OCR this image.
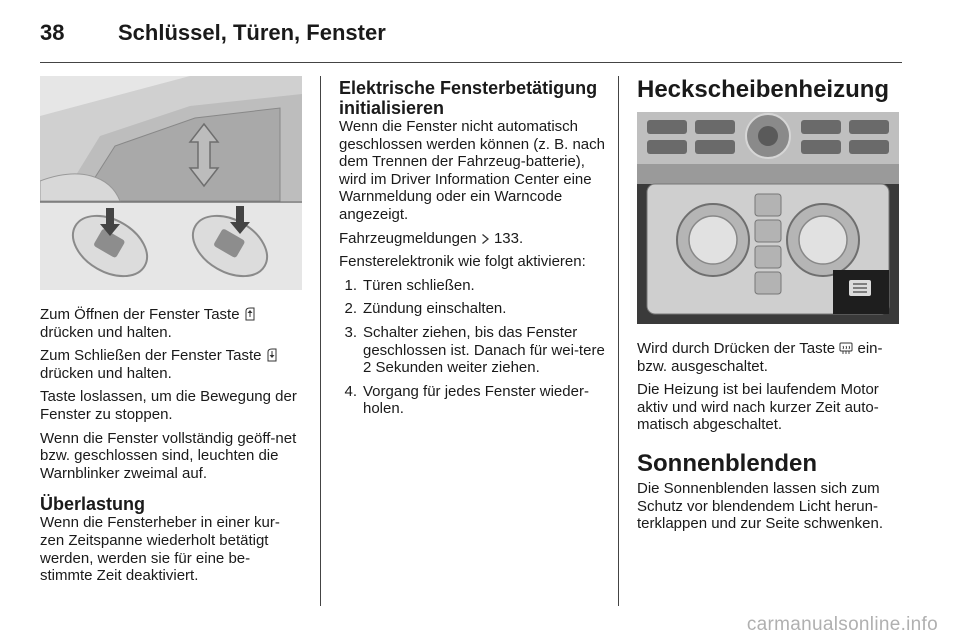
38 Schlüssel, Türen, Fenster

Zum Öffnen der Fenster Taste  drücken und halten.

Zum Schließen der Fenster Taste  drücken und halten.

Taste loslassen, um die Bewegung der Fenster zu stoppen.

Wenn die Fenster vollständig geöff-net bzw. geschlossen sind, leuchten die Warnblinker zweimal auf.

Überlastung

Wenn die Fensterheber in einer kur-zen Zeitspanne wiederholt betätigt werden, werden sie für eine be-stimmte Zeit deaktiviert.

Elektrische Fensterbetätigung initialisieren

Wenn die Fenster nicht automatisch geschlossen werden können (z. B. nach dem Trennen der Fahrzeug-batterie), wird im Driver Information Center eine Warnmeldung oder ein Warncode angezeigt.

Fahrzeugmeldungen 133.

Fensterelektronik wie folgt aktivieren:

1. Türen schließen.
2. Zündung einschalten.
3. Schalter ziehen, bis das Fenster geschlossen ist. Danach für wei-tere 2 Sekunden weiter ziehen.
4. Vorgang für jedes Fenster wieder-holen.
Heckscheibenheizung

Wird durch Drücken der Taste ein- bzw. ausgeschaltet.

Die Heizung ist bei laufendem Motor aktiv und wird nach kurzer Zeit auto-matisch abgeschaltet.

Sonnenblenden

Die Sonnenblenden lassen sich zum Schutz vor blendendem Licht herun-terklappen und zur Seite schwenken.

carmanualsonline.info
